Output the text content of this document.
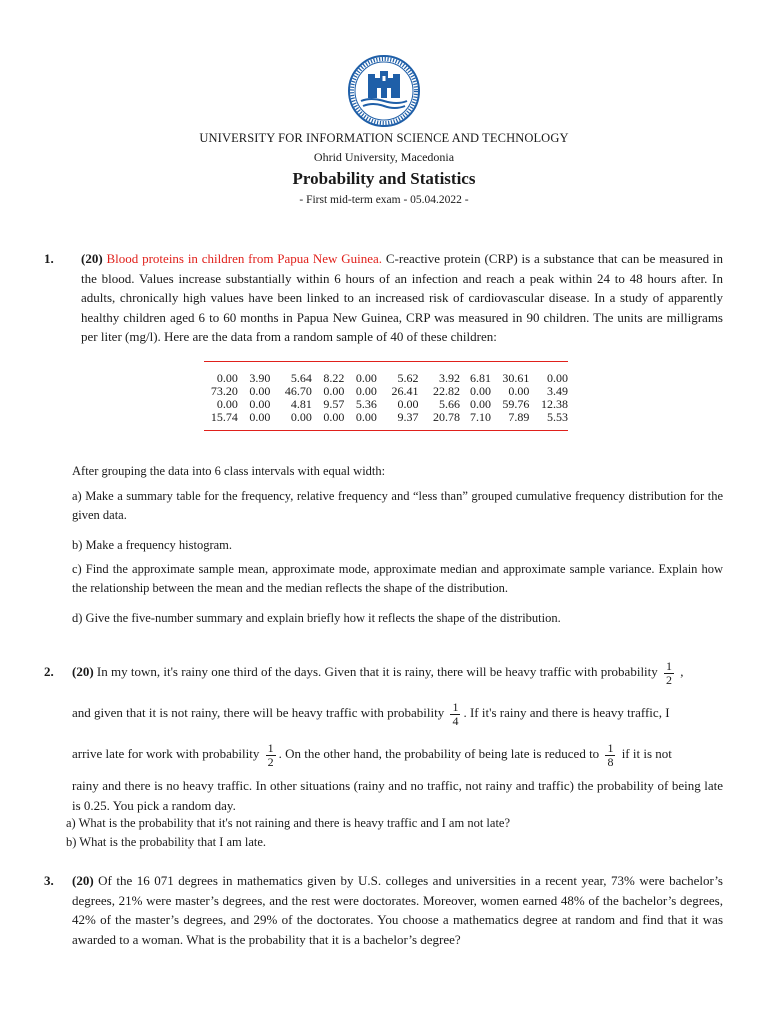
UNIVERSITY FOR INFORMATION SCIENCE AND TECHNOLOGY
Ohrid University, Macedonia
Probability and Statistics
- First mid-term exam - 05.04.2022 -
1. (20) Blood proteins in children from Papua New Guinea. C-reactive protein (CRP) is a substance that can be measured in the blood. Values increase substantially within 6 hours of an infection and reach a peak within 24 to 48 hours after. In adults, chronically high values have been linked to an increased risk of cardiovascular disease. In a study of apparently healthy children aged 6 to 60 months in Papua New Guinea, CRP was measured in 90 children. The units are milligrams per liter (mg/l). Here are the data from a random sample of 40 of these children:
0.00	3.90	5.64	8.22	0.00	5.62	3.92	6.81	30.61	0.00
73.20	0.00	46.70	0.00	0.00	26.41	22.82	0.00	0.00	3.49
0.00	0.00	4.81	9.57	5.36	0.00	5.66	0.00	59.76	12.38
15.74	0.00	0.00	0.00	0.00	9.37	20.78	7.10	7.89	5.53
After grouping the data into 6 class intervals with equal width:
a) Make a summary table for the frequency, relative frequency and “less than” grouped cumulative frequency distribution for the given data.
b) Make a frequency histogram.
c) Find the approximate sample mean, approximate mode, approximate median and approximate sample variance. Explain how the relationship between the mean and the median reflects the shape of the distribution.
d) Give the five-number summary and explain briefly how it reflects the shape of the distribution.
2. (20) In my town, it's rainy one third of the days. Given that it is rainy, there will be heavy traffic with probability $\frac{1}{2}$ ,
and given that it is not rainy, there will be heavy traffic with probability $\frac{1}{4}$ . If it's rainy and there is heavy traffic, I
arrive late for work with probability $\frac{1}{2}$ . On the other hand, the probability of being late is reduced to $\frac{1}{8}$ if it is not
rainy and there is no heavy traffic. In other situations (rainy and no traffic, not rainy and traffic) the probability of being late is 0.25. You pick a random day.
a) What is the probability that it's not raining and there is heavy traffic and I am not late?
b) What is the probability that I am late.
3. (20) Of the 16 071 degrees in mathematics given by U.S. colleges and universities in a recent year, 73% were bachelor’s degrees, 21% were master’s degrees, and the rest were doctorates. Moreover, women earned 48% of the bachelor’s degrees, 42% of the master’s degrees, and 29% of the doctorates. You choose a mathematics degree at random and find that it was awarded to a woman. What is the probability that it is a bachelor’s degree?
